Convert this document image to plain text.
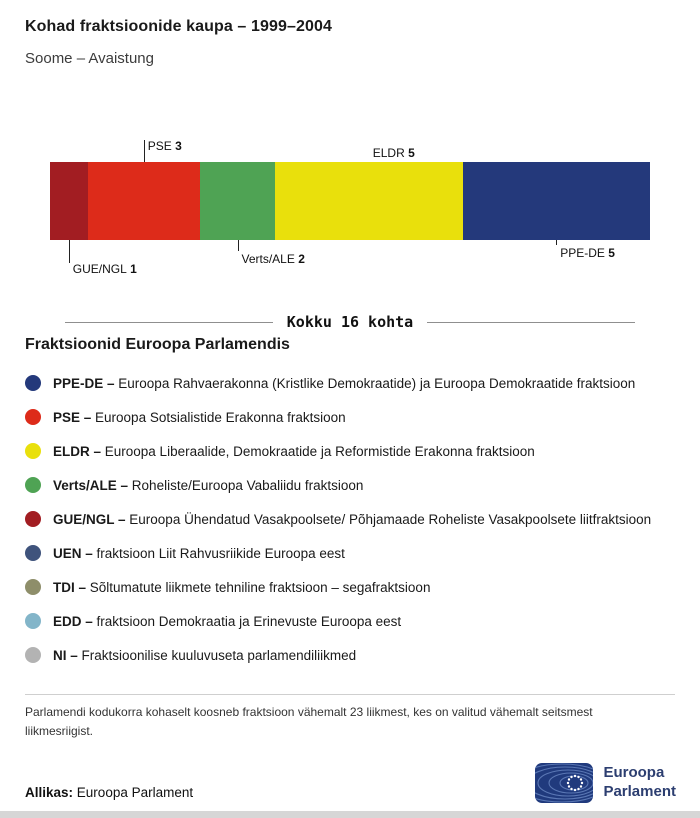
Kohad fraktsioonide kaupa – 1999–2004
Soome – Avaistung
GUE/NGL 1
PSE 3
Verts/ALE 2
ELDR 5
PPE-DE 5
Kokku 16 kohta
Fraktsioonid Euroopa Parlamendis
PPE-DE – Euroopa Rahvaerakonna (Kristlike Demokraatide) ja Euroopa Demokraatide fraktsioon
PSE – Euroopa Sotsialistide Erakonna fraktsioon
ELDR – Euroopa Liberaalide, Demokraatide ja Reformistide Erakonna fraktsioon
Verts/ALE – Roheliste/Euroopa Vabaliidu fraktsioon
GUE/NGL – Euroopa Ühendatud Vasakpoolsete/ Põhjamaade Roheliste Vasakpoolsete liitfraktsioon
UEN – fraktsioon Liit Rahvusriikide Euroopa eest
TDI – Sõltumatute liikmete tehniline fraktsioon – segafraktsioon
EDD – fraktsioon Demokraatia ja Erinevuste Euroopa eest
NI – Fraktsioonilise kuuluvuseta parlamendiliikmed
Parlamendi kodukorra kohaselt koosneb fraktsioon vähemalt 23 liikmest, kes on valitud vähemalt seitsmest liikmesriigist.
Allikas: Euroopa Parlament
Euroopa
Parlament
